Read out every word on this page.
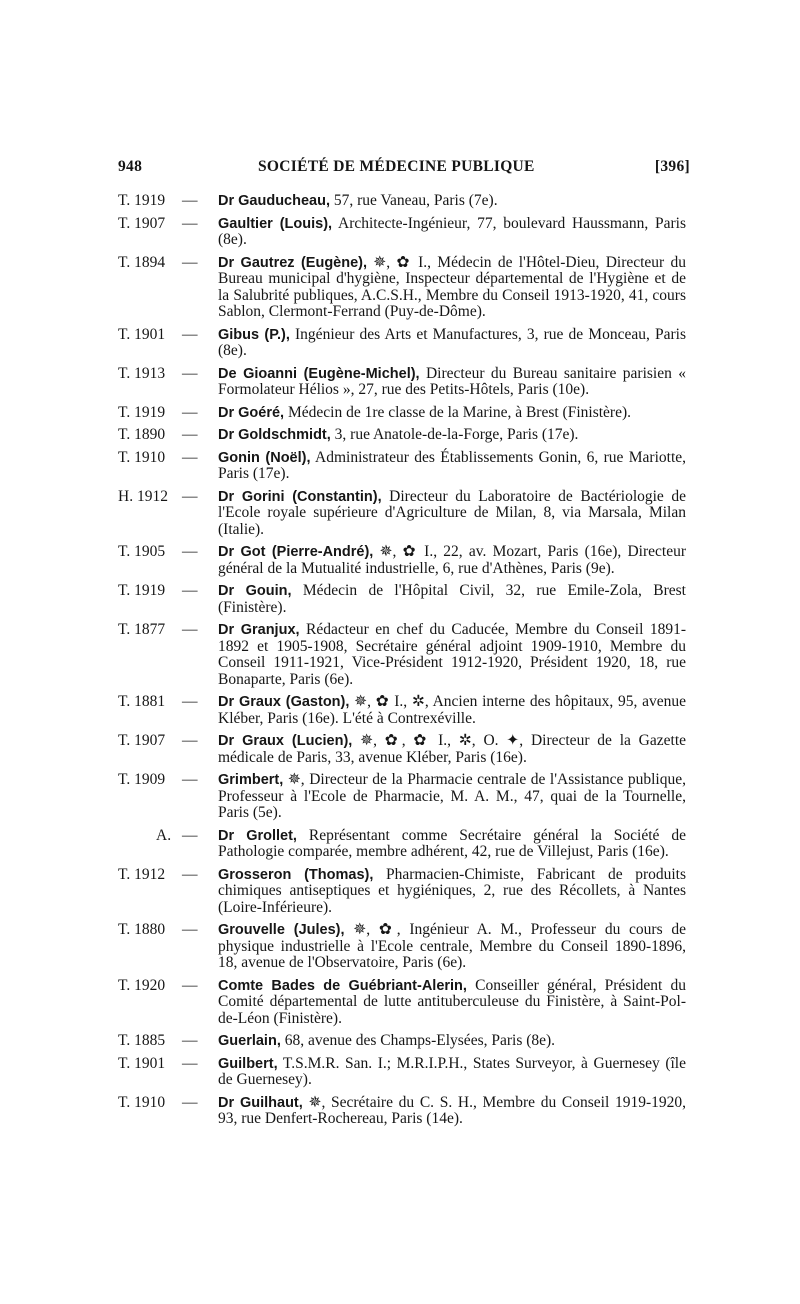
948	SOCIÉTÉ DE MÉDECINE PUBLIQUE	[396]
T. 1919 — Dr Gauducheau, 57, rue Vaneau, Paris (7e).
T. 1907 — Gaultier (Louis), Architecte-Ingénieur, 77, boulevard Haussmann, Paris (8e).
T. 1894 — Dr Gautrez (Eugène), ✵, ✿ I., Médecin de l'Hôtel-Dieu, Directeur du Bureau municipal d'hygiène, Inspecteur départemental de l'Hygiène et de la Salubrité publiques, A.C.S.H., Membre du Conseil 1913-1920, 41, cours Sablon, Clermont-Ferrand (Puy-de-Dôme).
T. 1901 — Gibus (P.), Ingénieur des Arts et Manufactures, 3, rue de Monceau, Paris (8e).
T. 1913 — De Gioanni (Eugène-Michel), Directeur du Bureau sanitaire parisien « Formolateur Hélios », 27, rue des Petits-Hôtels, Paris (10e).
T. 1919 — Dr Goéré, Médecin de 1re classe de la Marine, à Brest (Finistère).
T. 1890 — Dr Goldschmidt, 3, rue Anatole-de-la-Forge, Paris (17e).
T. 1910 — Gonin (Noël), Administrateur des Établissements Gonin, 6, rue Mariotte, Paris (17e).
H. 1912 — Dr Gorini (Constantin), Directeur du Laboratoire de Bactériologie de l'Ecole royale supérieure d'Agriculture de Milan, 8, via Marsala, Milan (Italie).
T. 1905 — Dr Got (Pierre-André), ✵, ✿ I., 22, av. Mozart, Paris (16e), Directeur général de la Mutualité industrielle, 6, rue d'Athènes, Paris (9e).
T. 1919 — Dr Gouin, Médecin de l'Hôpital Civil, 32, rue Emile-Zola, Brest (Finistère).
T. 1877 — Dr Granjux, Rédacteur en chef du Caducée, Membre du Conseil 1891-1892 et 1905-1908, Secrétaire général adjoint 1909-1910, Membre du Conseil 1911-1921, Vice-Président 1912-1920, Président 1920, 18, rue Bonaparte, Paris (6e).
T. 1881 — Dr Graux (Gaston), ✵, ✿ I., ✲, Ancien interne des hôpitaux, 95, avenue Kléber, Paris (16e). L'été à Contrexéville.
T. 1907 — Dr Graux (Lucien), ✵, ✿, ✿ I., ✲, O. ✦, Directeur de la Gazette médicale de Paris, 33, avenue Kléber, Paris (16e).
T. 1909 — Grimbert, ✵, Directeur de la Pharmacie centrale de l'Assistance publique, Professeur à l'Ecole de Pharmacie, M. A. M., 47, quai de la Tournelle, Paris (5e).
A. — Dr Grollet, Représentant comme Secrétaire général la Société de Pathologie comparée, membre adhérent, 42, rue de Villejust, Paris (16e).
T. 1912 — Grosseron (Thomas), Pharmacien-Chimiste, Fabricant de produits chimiques antiseptiques et hygiéniques, 2, rue des Récollets, à Nantes (Loire-Inférieure).
T. 1880 — Grouvelle (Jules), ✵, ✿, Ingénieur A. M., Professeur du cours de physique industrielle à l'Ecole centrale, Membre du Conseil 1890-1896, 18, avenue de l'Observatoire, Paris (6e).
T. 1920 — Comte Bades de Guébriant-Alerin, Conseiller général, Président du Comité départemental de lutte antituberculeuse du Finistère, à Saint-Pol-de-Léon (Finistère).
T. 1885 — Guerlain, 68, avenue des Champs-Elysées, Paris (8e).
T. 1901 — Guilbert, T.S.M.R. San. I.; M.R.I.P.H., States Surveyor, à Guernesey (île de Guernesey).
T. 1910 — Dr Guilhaut, ✵, Secrétaire du C. S. H., Membre du Conseil 1919-1920, 93, rue Denfert-Rochereau, Paris (14e).
